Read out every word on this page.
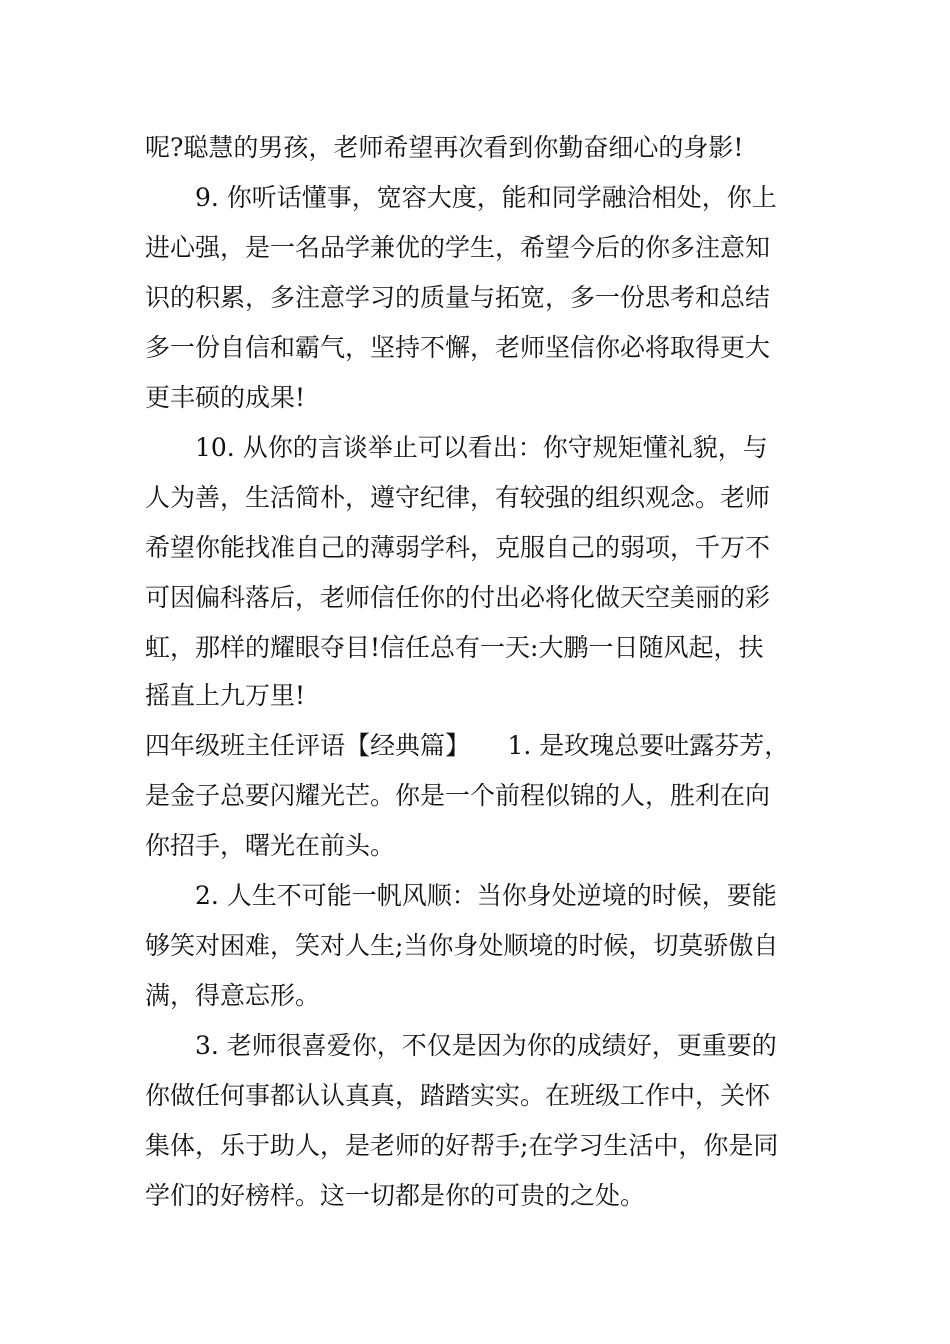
呢?聪慧的男孩，老师希望再次看到你勤奋细心的身影!
9. 你听话懂事，宽容大度，能和同学融洽相处，你上
进心强，是一名品学兼优的学生，希望今后的你多注意知
识的积累，多注意学习的质量与拓宽，多一份思考和总结
多一份自信和霸气，坚持不懈，老师坚信你必将取得更大
更丰硕的成果!
10. 从你的言谈举止可以看出：你守规矩懂礼貌，与
人为善，生活简朴，遵守纪律，有较强的组织观念。老师
希望你能找准自己的薄弱学科，克服自己的弱项，千万不
可因偏科落后，老师信任你的付出必将化做天空美丽的彩
虹，那样的耀眼夺目!信任总有一天:大鹏一日随风起，扶
摇直上九万里!
四年级班主任评语【经典篇】　　1. 是玫瑰总要吐露芬芳，
是金子总要闪耀光芒。你是一个前程似锦的人，胜利在向
你招手，曙光在前头。
2. 人生不可能一帆风顺：当你身处逆境的时候，要能
够笑对困难，笑对人生;当你身处顺境的时候，切莫骄傲自
满，得意忘形。
3. 老师很喜爱你，不仅是因为你的成绩好，更重要的
你做任何事都认认真真，踏踏实实。在班级工作中，关怀
集体，乐于助人，是老师的好帮手;在学习生活中，你是同
学们的好榜样。这一切都是你的可贵的之处。
